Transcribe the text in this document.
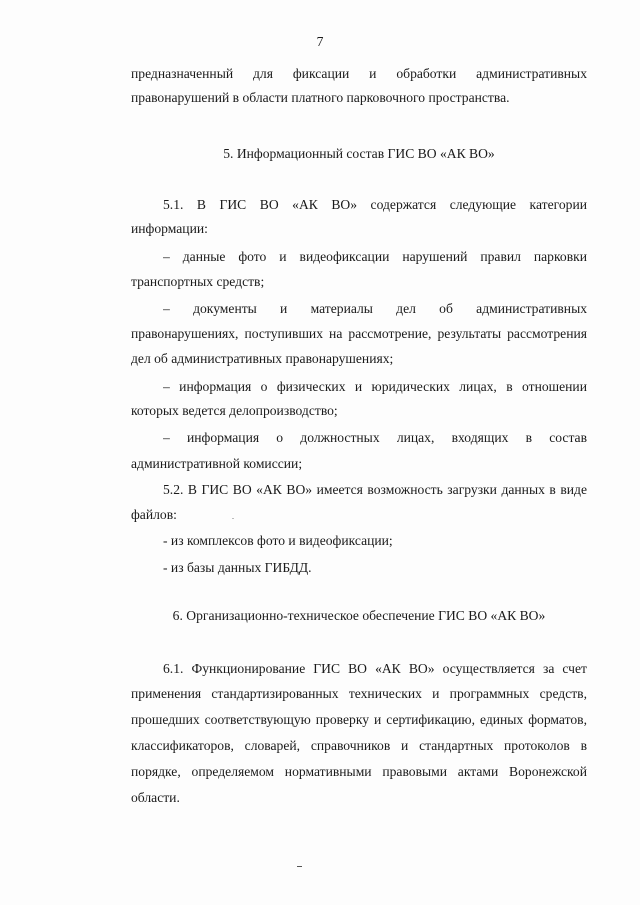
7
предназначенный для фиксации и обработки административных
правонарушений в области платного парковочного пространства.
5. Информационный состав ГИС ВО «АК ВО»
5.1. В ГИС ВО «АК ВО» содержатся следующие категории
информации:
– данные фото и видеофиксации нарушений правил парковки
транспортных средств;
– документы и материалы дел об административных
правонарушениях, поступивших на рассмотрение, результаты рассмотрения
дел об административных правонарушениях;
– информация о физических и юридических лицах, в отношении
которых ведется делопроизводство;
– информация о должностных лицах, входящих в состав
административной комиссии;
5.2. В ГИС ВО «АК ВО» имеется возможность загрузки данных в виде
файлов:
- из комплексов фото и видеофиксации;
- из базы данных ГИБДД.
6. Организационно-техническое обеспечение ГИС ВО «АК ВО»
6.1. Функционирование ГИС ВО «АК ВО» осуществляется за счет
применения стандартизированных технических и программных средств,
прошедших соответствующую проверку и сертификацию, единых форматов,
классификаторов, словарей, справочников и стандартных протоколов в
порядке, определяемом нормативными правовыми актами Воронежской
области.
